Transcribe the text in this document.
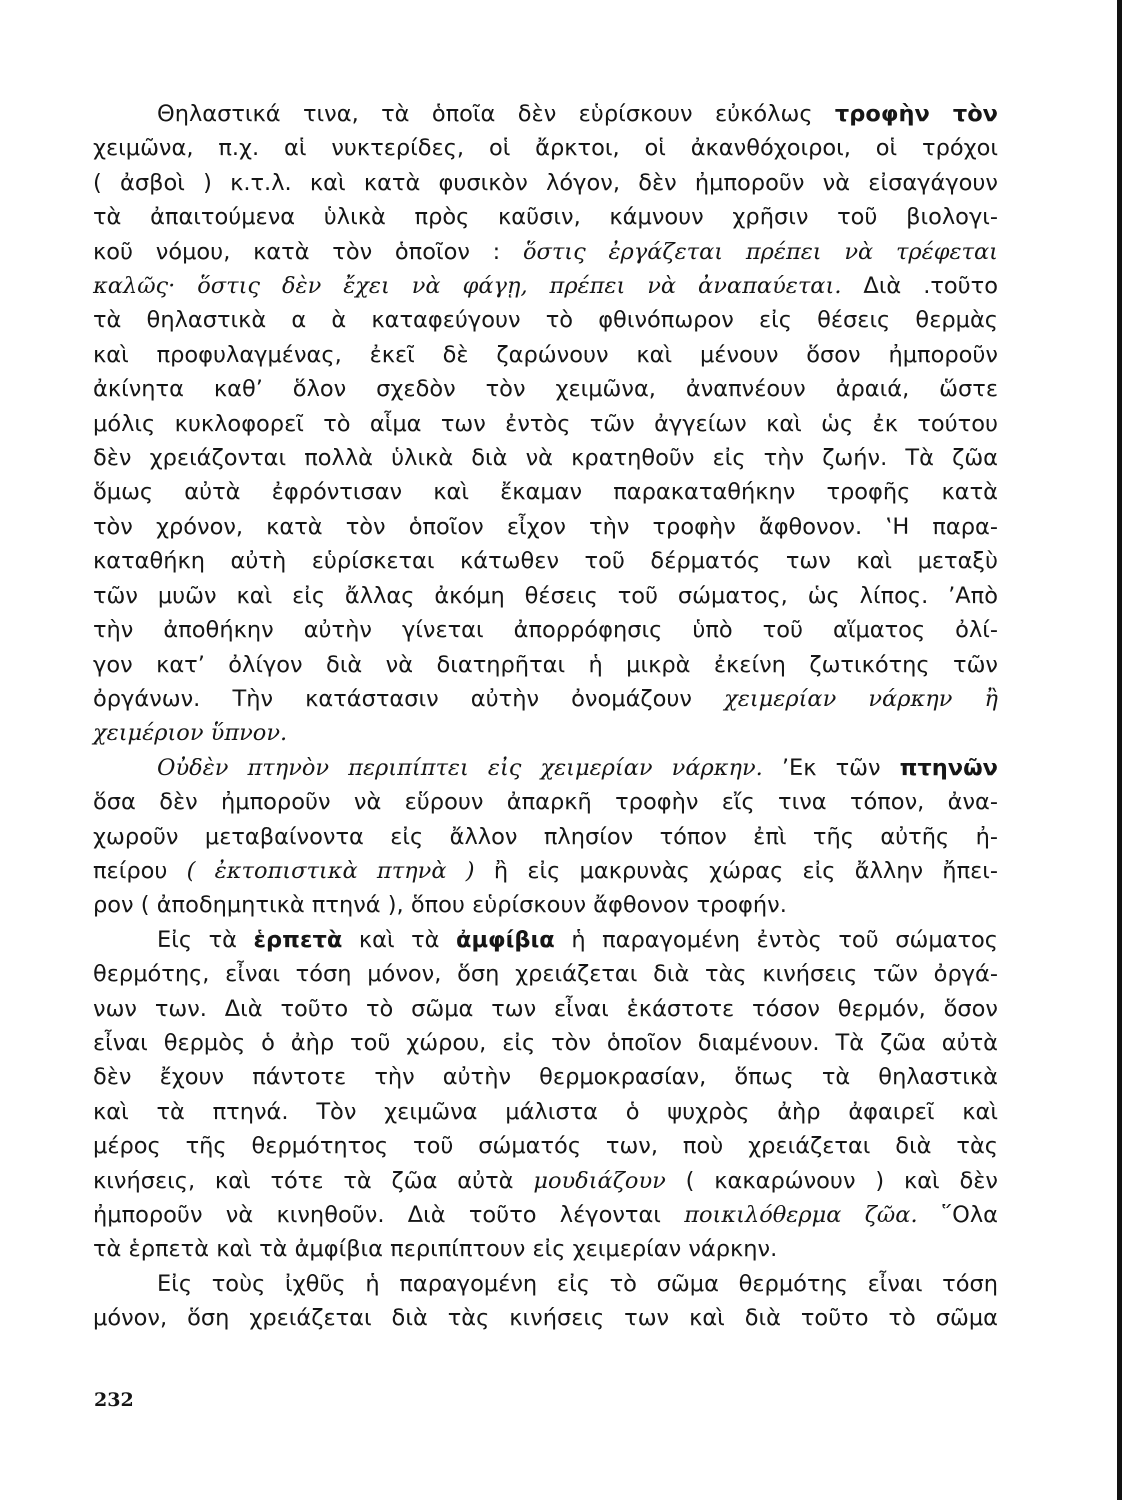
Θηλαστικά τινα, τὰ ὁποῖα δὲν εὑρίσκουν εὐκόλως τροφὴν τὸν
χειμῶνα, π.χ. αἱ νυκτερίδες, οἱ ἄρκτοι, οἱ ἀκανθόχοιροι, οἱ τρόχοι
( ἀσβοὶ ) κ.τ.λ. καὶ κατὰ φυσικὸν λόγον, δὲν ἠμποροῦν νὰ εἰσαγάγουν
τὰ ἀπαιτούμενα ὑλικὰ πρὸς καῦσιν, κάμνουν χρῆσιν τοῦ βιολογι-
κοῦ νόμου, κατὰ τὸν ὁποῖον : ὅστις ἐργάζεται πρέπει νὰ τρέφεται
καλῶς· ὅστις δὲν ἔχει νὰ φάγῃ, πρέπει νὰ ἀναπαύεται. Διὰ .τοῦτο
τὰ θηλαστικὰ α ὰ καταφεύγουν τὸ φθινόπωρον εἰς θέσεις θερμὰς
καὶ προφυλαγμένας, ἐκεῖ δὲ ζαρώνουν καὶ μένουν ὅσον ἠμποροῦν
ἀκίνητα καθ’ ὅλον σχεδὸν τὸν χειμῶνα, ἀναπνέουν ἀραιά, ὥστε
μόλις κυκλοφορεῖ τὸ αἷμα των ἐντὸς τῶν ἀγγείων καὶ ὡς ἐκ τούτου
δὲν χρειάζονται πολλὰ ὑλικὰ διὰ νὰ κρατηθοῦν εἰς τὴν ζωήν. Τὰ ζῶα
ὅμως αὐτὰ ἐφρόντισαν καὶ ἔκαμαν παρακαταθήκην τροφῆς κατὰ
τὸν χρόνον, κατὰ τὸν ὁποῖον εἶχον τὴν τροφὴν ἄφθονον. ‛Η παρα-
καταθήκη αὐτὴ εὑρίσκεται κάτωθεν τοῦ δέρματός των καὶ μεταξὺ
τῶν μυῶν καὶ εἰς ἄλλας ἀκόμη θέσεις τοῦ σώματος, ὡς λίπος. ’Απὸ
τὴν ἀποθήκην αὐτὴν γίνεται ἀπορρόφησις ὑπὸ τοῦ αἵματος ὀλί-
γον κατ’ ὀλίγον διὰ νὰ διατηρῆται ἡ μικρὰ ἐκείνη ζωτικότης τῶν
ὀργάνων. Τὴν κατάστασιν αὐτὴν ὀνομάζουν χειμερίαν νάρκην ἢ
χειμέριον ὕπνον.

Οὐδὲν πτηνὸν περιπίπτει εἰς χειμερίαν νάρκην. ’Εκ τῶν πτηνῶν
ὅσα δὲν ἠμποροῦν νὰ εὕρουν ἀπαρκῆ τροφὴν εἴς τινα τόπον, ἀνα-
χωροῦν μεταβαίνοντα εἰς ἄλλον πλησίον τόπον ἐπὶ τῆς αὐτῆς ἠ-
πείρου ( ἐκτοπιστικὰ πτηνὰ ) ἢ εἰς μακρυνὰς χώρας εἰς ἄλλην ἤπει-
ρον ( ἀποδημητικὰ πτηνά ), ὅπου εὑρίσκουν ἄφθονον τροφήν.

Εἰς τὰ ἑρπετὰ καὶ τὰ ἀμφίβια ἡ παραγομένη ἐντὸς τοῦ σώματος
θερμότης, εἶναι τόση μόνον, ὅση χρειάζεται διὰ τὰς κινήσεις τῶν ὀργά-
νων των. Διὰ τοῦτο τὸ σῶμα των εἶναι ἑκάστοτε τόσον θερμόν, ὅσον
εἶναι θερμὸς ὁ ἀὴρ τοῦ χώρου, εἰς τὸν ὁποῖον διαμένουν. Τὰ ζῶα αὐτὰ
δὲν ἔχουν πάντοτε τὴν αὐτὴν θερμοκρασίαν, ὅπως τὰ θηλαστικὰ
καὶ τὰ πτηνά. Τὸν χειμῶνα μάλιστα ὁ ψυχρὸς ἀὴρ ἀφαιρεῖ καὶ
μέρος τῆς θερμότητος τοῦ σώματός των, ποὺ χρειάζεται διὰ τὰς
κινήσεις, καὶ τότε τὰ ζῶα αὐτὰ μουδιάζουν ( κακαρώνουν ) καὶ δὲν
ἠμποροῦν νὰ κινηθοῦν. Διὰ τοῦτο λέγονται ποικιλόθερμα ζῶα. ῞Ολα
τὰ ἑρπετὰ καὶ τὰ ἀμφίβια περιπίπτουν εἰς χειμερίαν νάρκην.

Εἰς τοὺς ἰχθῦς ἡ παραγομένη εἰς τὸ σῶμα θερμότης εἶναι τόση
μόνον, ὅση χρειάζεται διὰ τὰς κινήσεις των καὶ διὰ τοῦτο τὸ σῶμα

232
